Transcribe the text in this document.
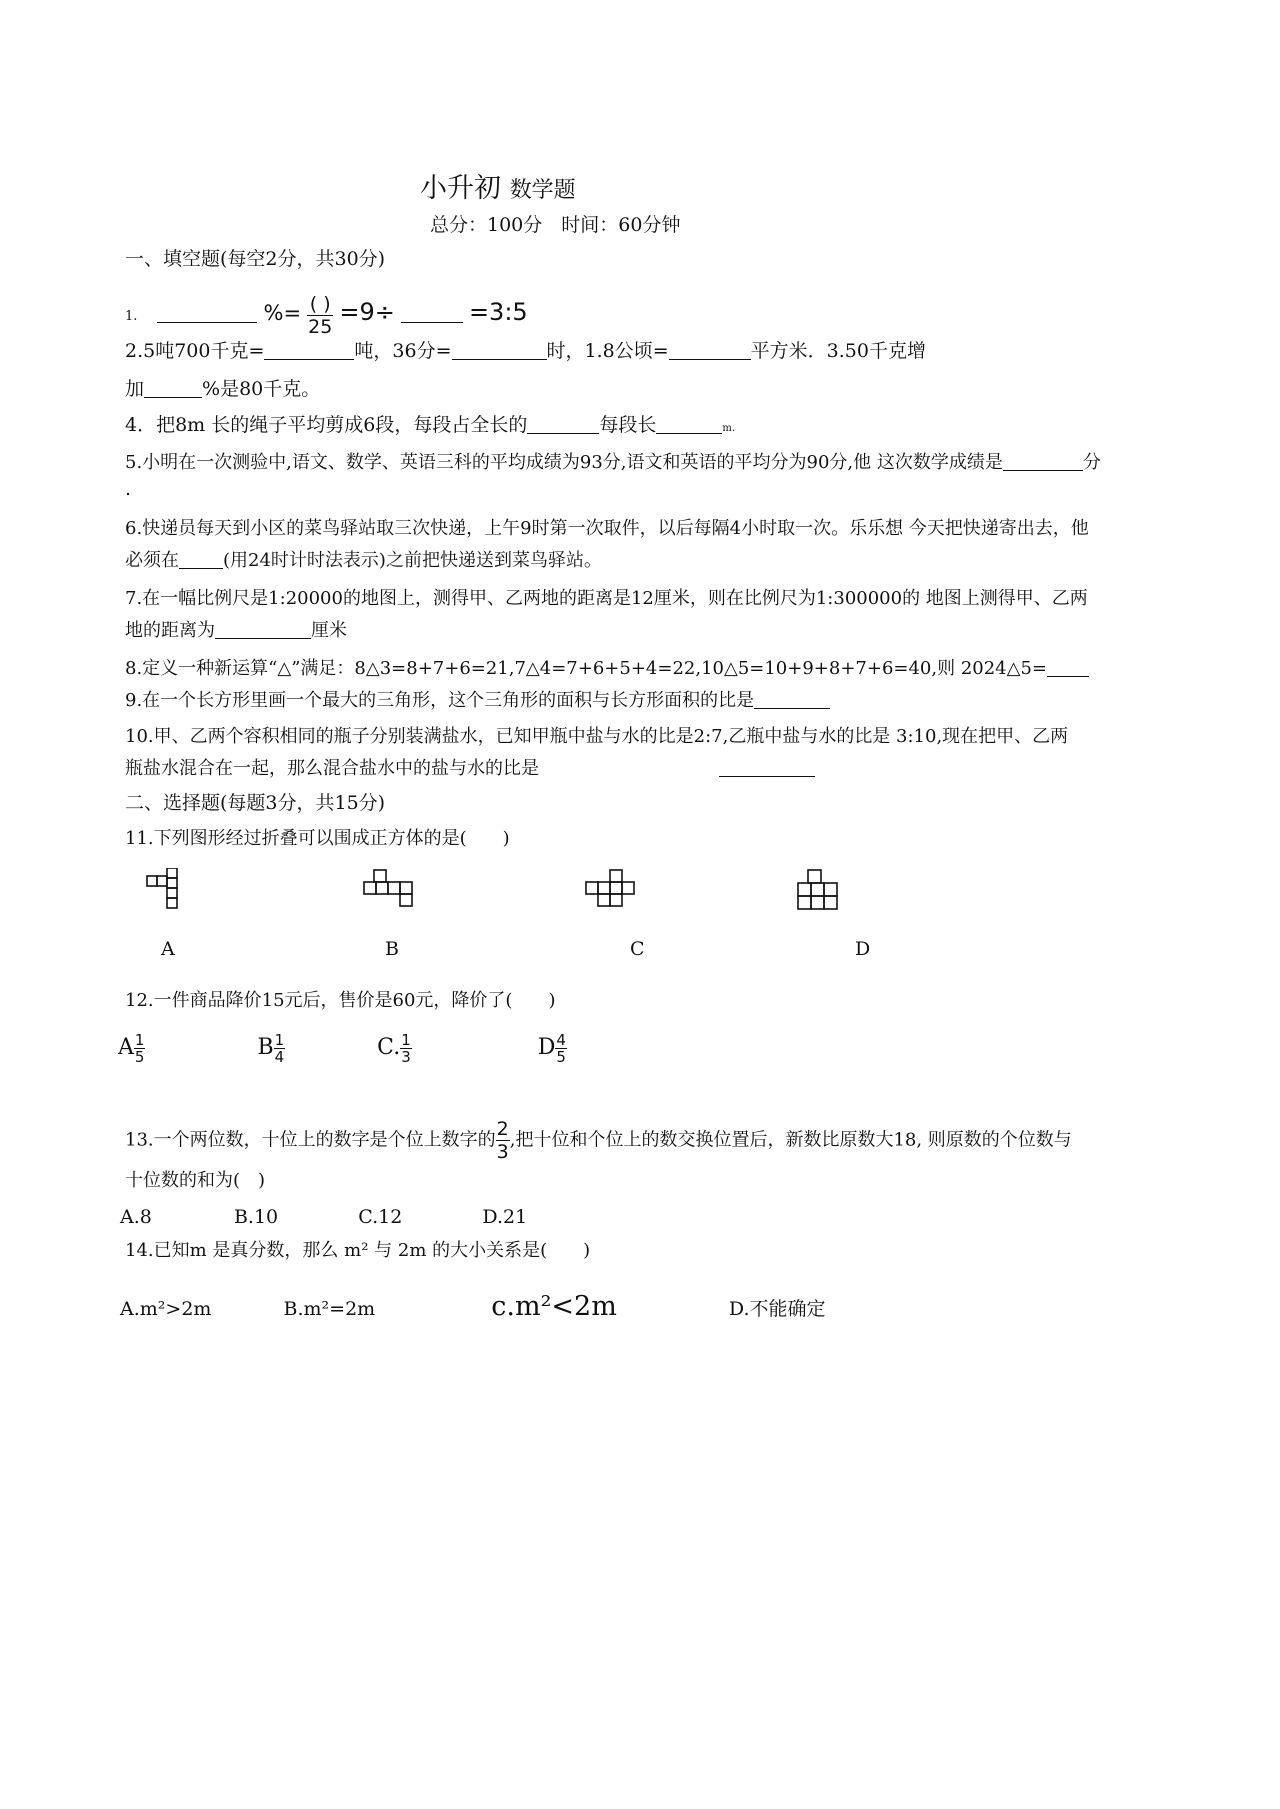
小升初 数学题
总分：100分　时间：60分钟
一、填空题(每空2分，共30分)
1.	%= $\frac{( )}{25} =9\div$	=3:5
2.5吨700千克=	吨，36分=	时，1.8公顷=	平方米．3.50千克增
加	%是80千克。
4．把8m 长的绳子平均剪成6段，每段占全长的	每段长	m.
5.小明在一次测验中,语文、数学、英语三科的平均成绩为93分,语文和英语的平均分为90分,他 这次数学成绩是	分
.
6.快递员每天到小区的菜鸟驿站取三次快递，上午9时第一次取件，以后每隔4小时取一次。乐乐想 今天把快递寄出去，他
必须在 (用24时计时法表示)之前把快递送到菜鸟驿站。
7.在一幅比例尺是1:20000的地图上，测得甲、乙两地的距离是12厘米，则在比例尺为1:300000的 地图上测得甲、乙两
地的距离为	厘米
8.定义一种新运算“△”满足：8△3=8+7+6=21,7△4=7+6+5+4=22,10△5=10+9+8+7+6=40,则 2024△5=
9.在一个长方形里画一个最大的三角形，这个三角形的面积与长方形面积的比是
10.甲、乙两个容积相同的瓶子分别装满盐水，已知甲瓶中盐与水的比是2:7,乙瓶中盐与水的比是 3:10,现在把甲、乙两
瓶盐水混合在一起，那么混合盐水中的盐与水的比是
二、选择题(每题3分，共15分)
11.下列图形经过折叠可以围成正方体的是(　　)
A	B	C	D
12.一件商品降价15元后，售价是60元，降价了(　　)
A $\frac{1}{5}$	B $\frac{1}{4}$	C. $\frac{1}{3}$	D $\frac{4}{5}$
13.一个两位数，十位上的数字是个位上数字的 $\frac{2}{3}$ ,把十位和个位上的数交换位置后，新数比原数大18, 则原数的个位数与
十位数的和为(　)
A.8	B.10	C.12	D.21
14.已知m 是真分数，那么 m² 与 2m 的大小关系是(　　)
A.m²>2m	B.m²=2m	c.m²<2m	D.不能确定
